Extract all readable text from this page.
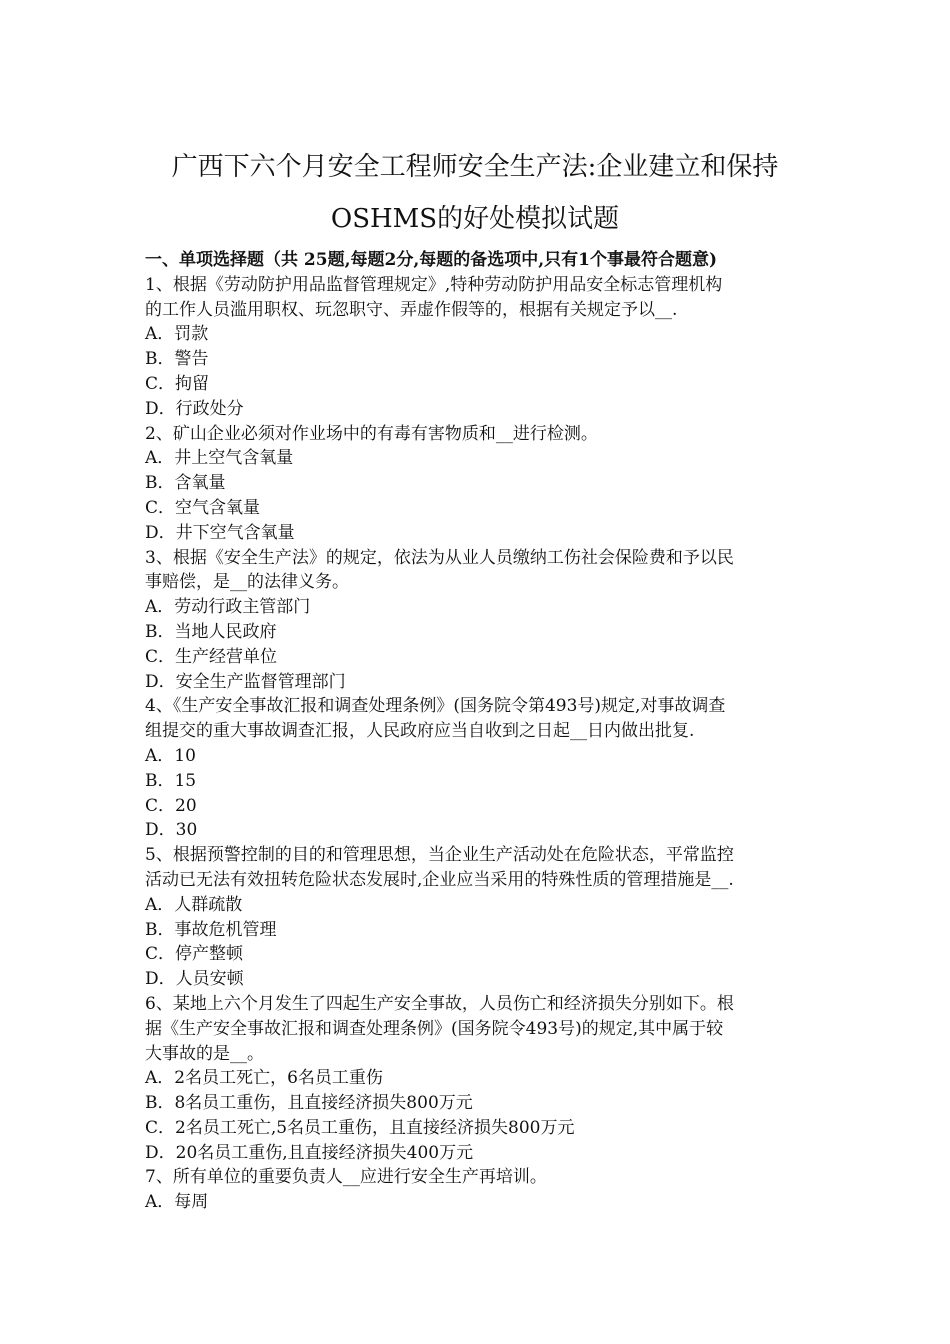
广西下六个月安全工程师安全生产法:企业建立和保持
OSHMS的好处模拟试题
一、单项选择题（共 25题,每题2分,每题的备选项中,只有1个事最符合题意)
1、根据《劳动防护用品监督管理规定》,特种劳动防护用品安全标志管理机构
的工作人员滥用职权、玩忽职守、弄虚作假等的，根据有关规定予以__.
A．罚款
B．警告
C．拘留
D．行政处分
2、矿山企业必须对作业场中的有毒有害物质和__进行检测。
A．井上空气含氧量
B．含氧量
C．空气含氧量
D．井下空气含氧量
3、根据《安全生产法》的规定，依法为从业人员缴纳工伤社会保险费和予以民
事赔偿，是__的法律义务。
A．劳动行政主管部门
B．当地人民政府
C．生产经营单位
D．安全生产监督管理部门
4、《生产安全事故汇报和调查处理条例》(国务院令第493号)规定,对事故调查
组提交的重大事故调查汇报，人民政府应当自收到之日起__日内做出批复.
A．10
B．15
C．20
D．30
5、根据预警控制的目的和管理思想，当企业生产活动处在危险状态，平常监控
活动已无法有效扭转危险状态发展时,企业应当采用的特殊性质的管理措施是__.
A．人群疏散
B．事故危机管理
C．停产整顿
D．人员安顿
6、某地上六个月发生了四起生产安全事故，人员伤亡和经济损失分别如下。根
据《生产安全事故汇报和调查处理条例》(国务院令493号)的规定,其中属于较
大事故的是__。
A．2名员工死亡，6名员工重伤
B．8名员工重伤，且直接经济损失800万元
C．2名员工死亡,5名员工重伤，且直接经济损失800万元
D．20名员工重伤,且直接经济损失400万元
7、所有单位的重要负责人__应进行安全生产再培训。
A．每周
